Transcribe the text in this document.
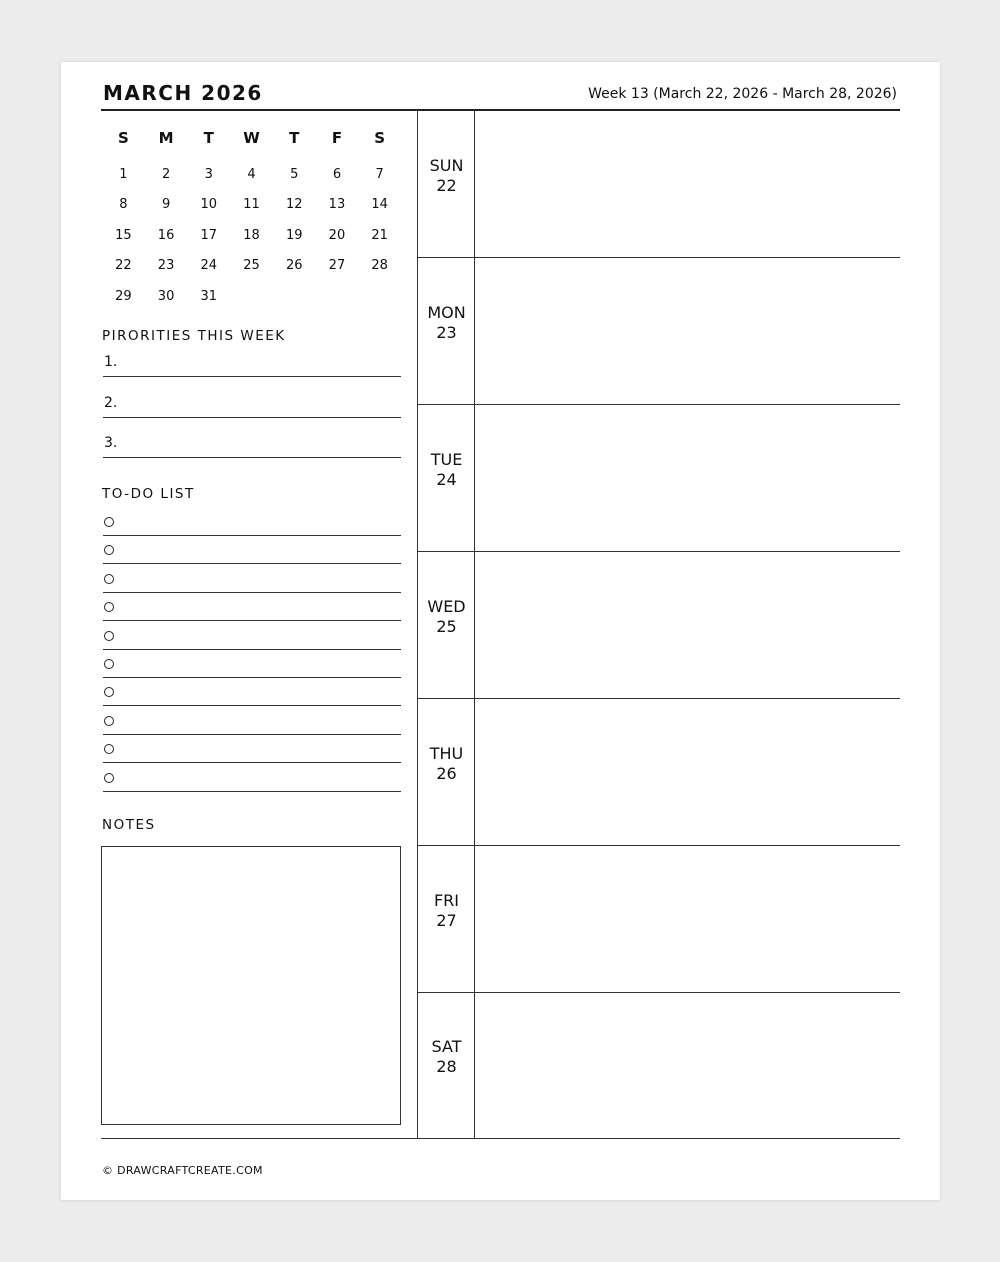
MARCH 2026	Week 13 (March 22, 2026 - March 28, 2026)
S	M	T	W	T	F	S
1	2	3	4	5	6	7
8	9	10	11	12	13	14
15	16	17	18	19	20	21
22	23	24	25	26	27	28
29	30	31
PIRORITIES THIS WEEK
1.
2.
3.
TO-DO LIST
NOTES
SUN
22
MON
23
TUE
24
WED
25
THU
26
FRI
27
SAT
28
© DRAWCRAFTCREATE.COM
